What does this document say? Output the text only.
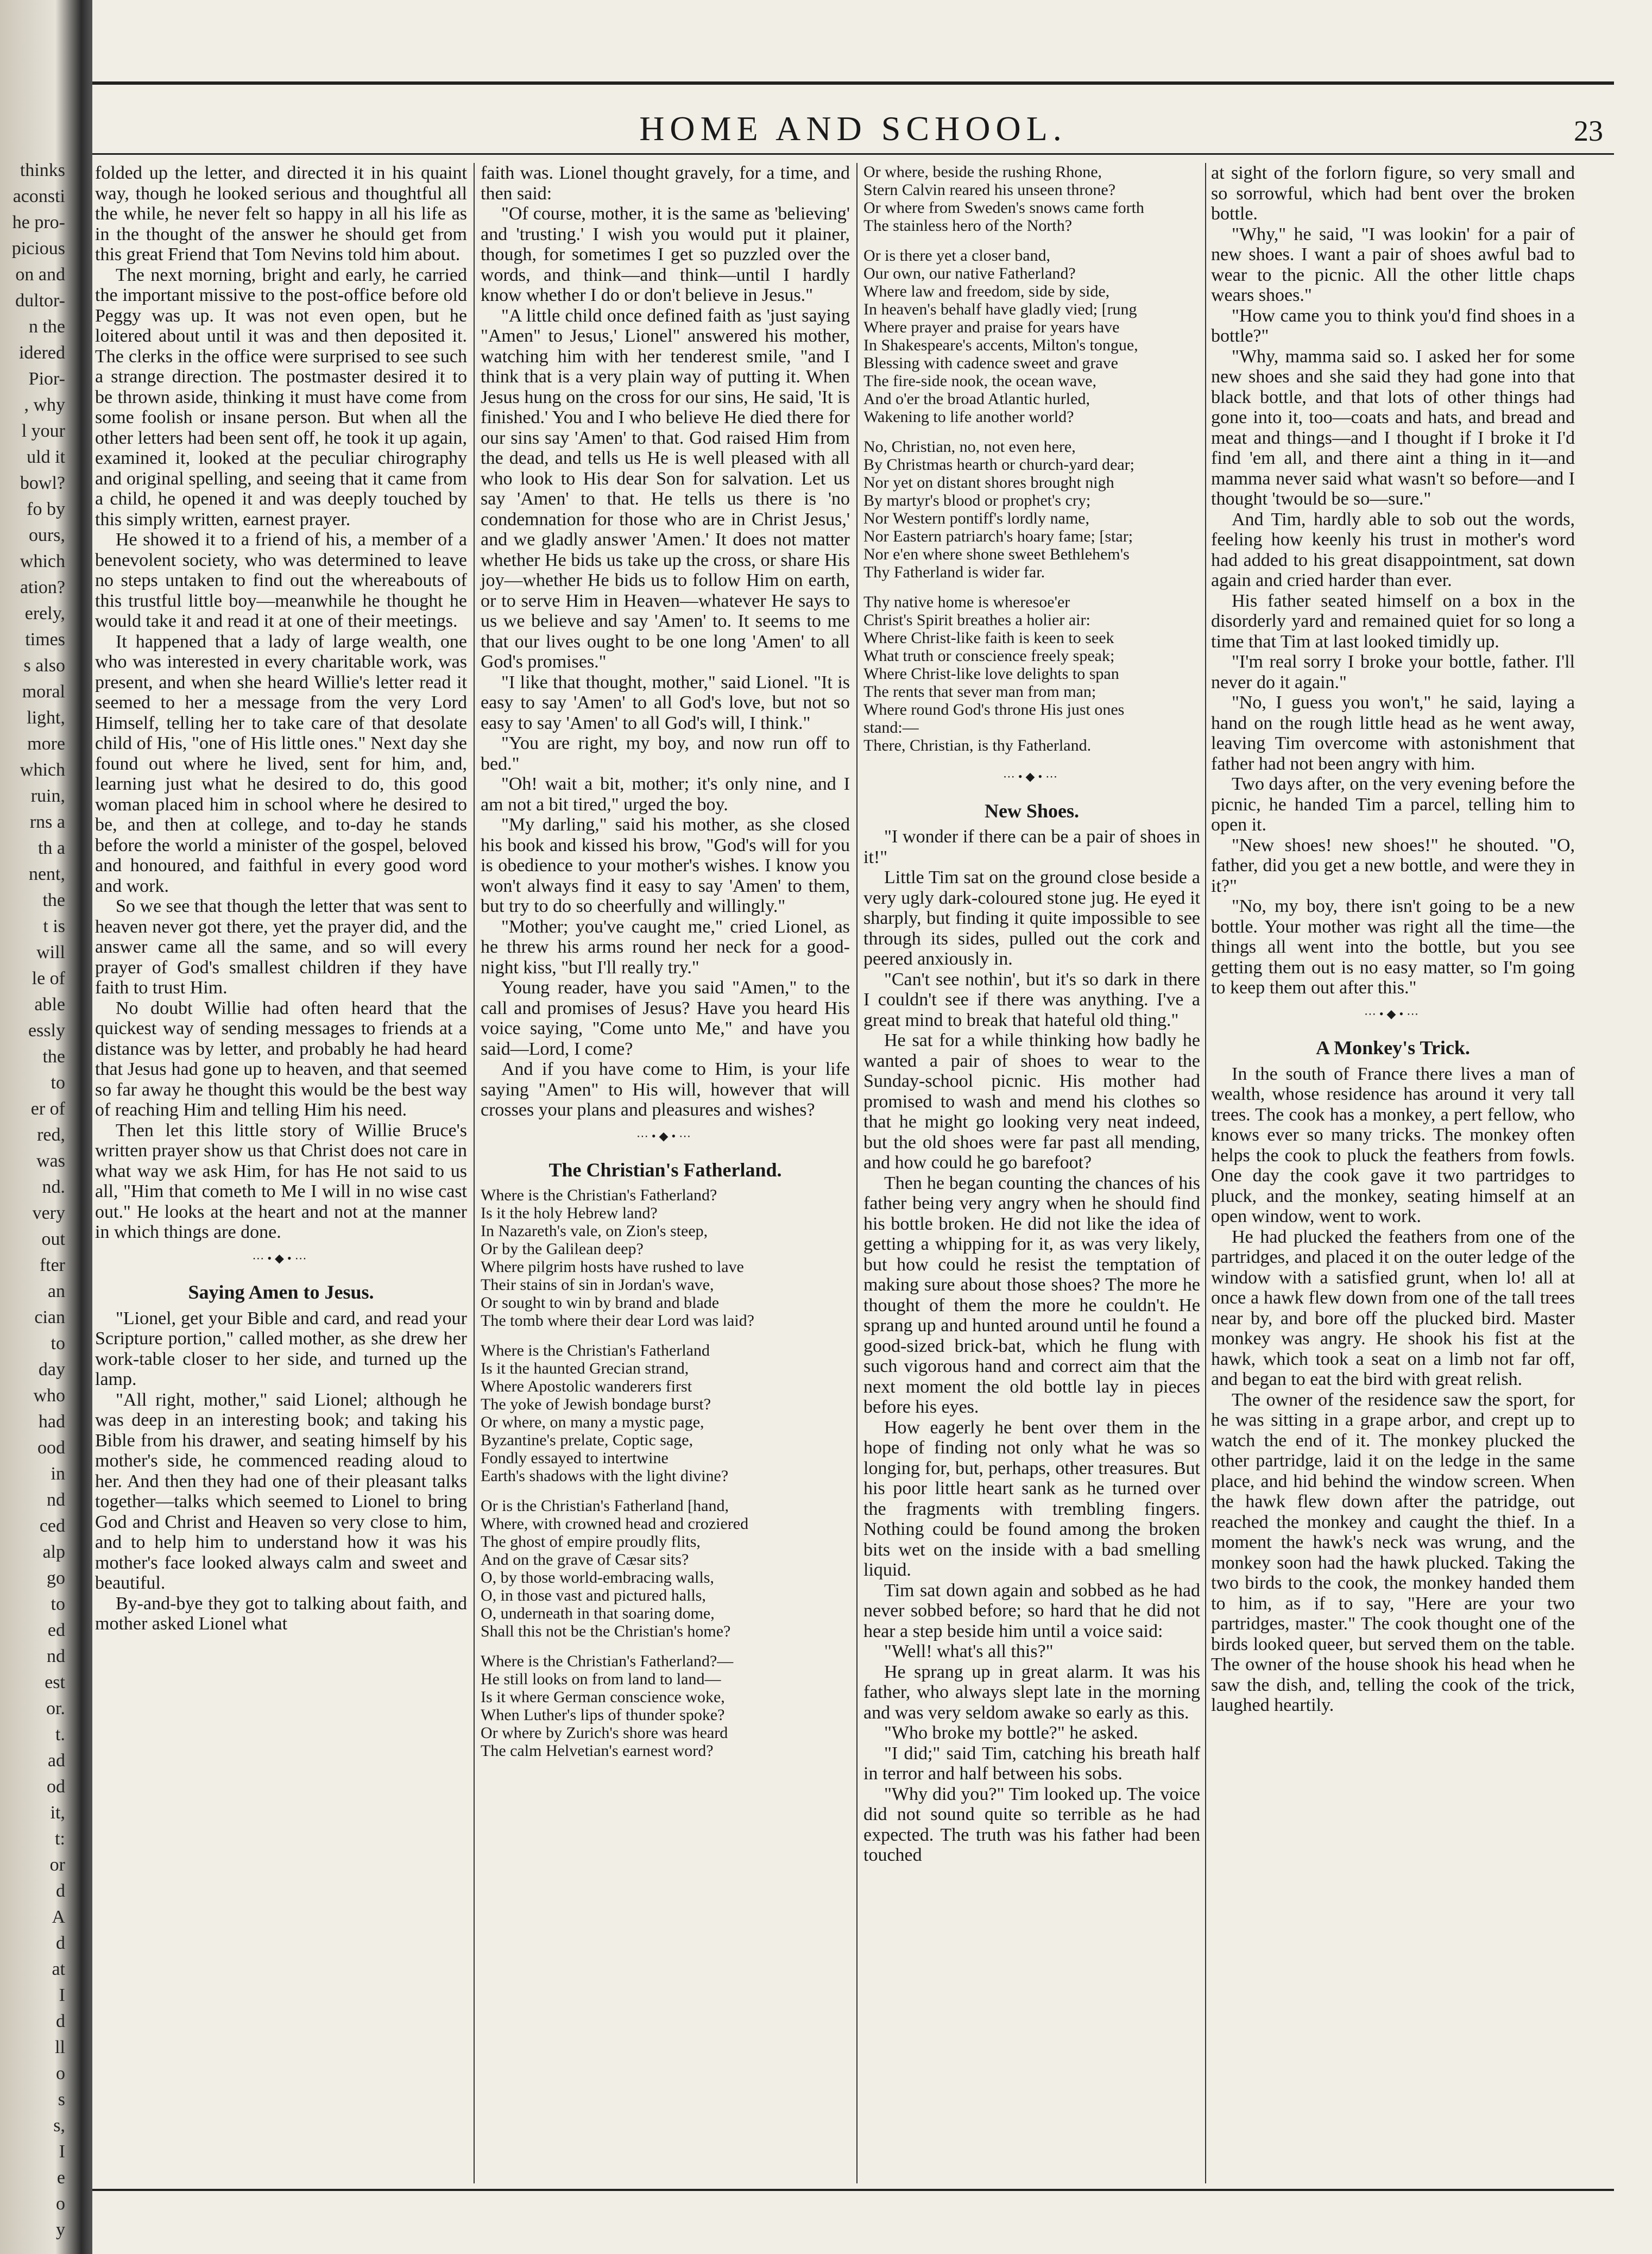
thinks
aconsti
he pro-
picious
on and
dultor-
n the
idered
Pior-
, why
l your
uld it
bowl?
fo by
ours,
which
ation?
erely,
times
s also
moral
light,
more
which
ruin,
rns a
th a
nent,
the
t is
will
le of
able
essly
the
to
er of
red,
was
nd.
very
out
fter
an
cian
to
day
who
had
ood
in
nd
ced
alp
go
to
ed
nd
est
or.
t.
ad
od
it,
t:
or
d
A
d
at
I
d
ll
o
s
s,
I
e
o
y
HOME AND SCHOOL.	23

folded up the letter, and directed it in his quaint way, though he looked serious and thoughtful all the while, he never felt so happy in all his life as in the thought of the answer he should get from this great Friend that Tom Nevins told him about.

The next morning, bright and early, he carried the important missive to the post-office before old Peggy was up. It was not even open, but he loitered about until it was and then deposited it. The clerks in the office were surprised to see such a strange direction. The postmaster desired it to be thrown aside, thinking it must have come from some foolish or insane person. But when all the other letters had been sent off, he took it up again, examined it, looked at the peculiar chirography and original spelling, and seeing that it came from a child, he opened it and was deeply touched by this simply written, earnest prayer.

He showed it to a friend of his, a member of a benevolent society, who was determined to leave no steps untaken to find out the whereabouts of this trustful little boy—meanwhile he thought he would take it and read it at one of their meetings.

It happened that a lady of large wealth, one who was interested in every charitable work, was present, and when she heard Willie's letter read it seemed to her a message from the very Lord Himself, telling her to take care of that desolate child of His, "one of His little ones." Next day she found out where he lived, sent for him, and, learning just what he desired to do, this good woman placed him in school where he desired to be, and then at college, and to-day he stands before the world a minister of the gospel, beloved and honoured, and faithful in every good word and work.

So we see that though the letter that was sent to heaven never got there, yet the prayer did, and the answer came all the same, and so will every prayer of God's smallest children if they have faith to trust Him.

No doubt Willie had often heard that the quickest way of sending messages to friends at a distance was by letter, and probably he had heard that Jesus had gone up to heaven, and that seemed so far away he thought this would be the best way of reaching Him and telling Him his need.

Then let this little story of Willie Bruce's written prayer show us that Christ does not care in what way we ask Him, for has He not said to us all, "Him that cometh to Me I will in no wise cast out." He looks at the heart and not at the manner in which things are done.

⋯•◆•⋯
Saying Amen to Jesus.

"Lionel, get your Bible and card, and read your Scripture portion," called mother, as she drew her work-table closer to her side, and turned up the lamp.

"All right, mother," said Lionel; although he was deep in an interesting book; and taking his Bible from his drawer, and seating himself by his mother's side, he commenced reading aloud to her. And then they had one of their pleasant talks together—talks which seemed to Lionel to bring God and Christ and Heaven so very close to him, and to help him to understand how it was his mother's face looked always calm and sweet and beautiful.

By-and-bye they got to talking about faith, and mother asked Lionel what

faith was. Lionel thought gravely, for a time, and then said:

"Of course, mother, it is the same as 'believing' and 'trusting.' I wish you would put it plainer, though, for sometimes I get so puzzled over the words, and think—and think—until I hardly know whether I do or don't believe in Jesus."

"A little child once defined faith as 'just saying "Amen" to Jesus,' Lionel" answered his mother, watching him with her tenderest smile, "and I think that is a very plain way of putting it. When Jesus hung on the cross for our sins, He said, 'It is finished.' You and I who believe He died there for our sins say 'Amen' to that. God raised Him from the dead, and tells us He is well pleased with all who look to His dear Son for salvation. Let us say 'Amen' to that. He tells us there is 'no condemnation for those who are in Christ Jesus,' and we gladly answer 'Amen.' It does not matter whether He bids us take up the cross, or share His joy—whether He bids us to follow Him on earth, or to serve Him in Heaven—whatever He says to us we believe and say 'Amen' to. It seems to me that our lives ought to be one long 'Amen' to all God's promises."

"I like that thought, mother," said Lionel. "It is easy to say 'Amen' to all God's love, but not so easy to say 'Amen' to all God's will, I think."

"You are right, my boy, and now run off to bed."

"Oh! wait a bit, mother; it's only nine, and I am not a bit tired," urged the boy.

"My darling," said his mother, as she closed his book and kissed his brow, "God's will for you is obedience to your mother's wishes. I know you won't always find it easy to say 'Amen' to them, but try to do so cheerfully and willingly."

"Mother; you've caught me," cried Lionel, as he threw his arms round her neck for a good-night kiss, "but I'll really try."

Young reader, have you said "Amen," to the call and promises of Jesus? Have you heard His voice saying, "Come unto Me," and have you said—Lord, I come?

And if you have come to Him, is your life saying "Amen" to His will, however that will crosses your plans and pleasures and wishes?

⋯•◆•⋯
The Christian's Fatherland.
Where is the Christian's Fatherland?
Is it the holy Hebrew land?
In Nazareth's vale, on Zion's steep,
Or by the Galilean deep?
Where pilgrim hosts have rushed to lave
Their stains of sin in Jordan's wave,
Or sought to win by brand and blade
The tomb where their dear Lord was laid?
Where is the Christian's Fatherland
Is it the haunted Grecian strand,
Where Apostolic wanderers first
The yoke of Jewish bondage burst?
Or where, on many a mystic page,
Byzantine's prelate, Coptic sage,
Fondly essayed to intertwine
Earth's shadows with the light divine?
Or is the Christian's Fatherland [hand,
Where, with crowned head and croziered
The ghost of empire proudly flits,
And on the grave of Cæsar sits?
O, by those world-embracing walls,
O, in those vast and pictured halls,
O, underneath in that soaring dome,
Shall this not be the Christian's home?
Where is the Christian's Fatherland?—
He still looks on from land to land—
Is it where German conscience woke,
When Luther's lips of thunder spoke?
Or where by Zurich's shore was heard
The calm Helvetian's earnest word?
Or where, beside the rushing Rhone,
Stern Calvin reared his unseen throne?
Or where from Sweden's snows came forth
The stainless hero of the North?
Or is there yet a closer band,
Our own, our native Fatherland?
Where law and freedom, side by side,
In heaven's behalf have gladly vied; [rung
Where prayer and praise for years have
In Shakespeare's accents, Milton's tongue,
Blessing with cadence sweet and grave
The fire-side nook, the ocean wave,
And o'er the broad Atlantic hurled,
Wakening to life another world?
No, Christian, no, not even here,
By Christmas hearth or church-yard dear;
Nor yet on distant shores brought nigh
By martyr's blood or prophet's cry;
Nor Western pontiff's lordly name,
Nor Eastern patriarch's hoary fame; [star;
Nor e'en where shone sweet Bethlehem's
Thy Fatherland is wider far.
Thy native home is wheresoe'er
Christ's Spirit breathes a holier air:
Where Christ-like faith is keen to seek
What truth or conscience freely speak;
Where Christ-like love delights to span
The rents that sever man from man;
Where round God's throne His just ones
stand:—
There, Christian, is thy Fatherland.
⋯•◆•⋯
New Shoes.

"I wonder if there can be a pair of shoes in it!"

Little Tim sat on the ground close beside a very ugly dark-coloured stone jug. He eyed it sharply, but finding it quite impossible to see through its sides, pulled out the cork and peered anxiously in.

"Can't see nothin', but it's so dark in there I couldn't see if there was anything. I've a great mind to break that hateful old thing."

He sat for a while thinking how badly he wanted a pair of shoes to wear to the Sunday-school picnic. His mother had promised to wash and mend his clothes so that he might go looking very neat indeed, but the old shoes were far past all mending, and how could he go barefoot?

Then he began counting the chances of his father being very angry when he should find his bottle broken. He did not like the idea of getting a whipping for it, as was very likely, but how could he resist the temptation of making sure about those shoes? The more he thought of them the more he couldn't. He sprang up and hunted around until he found a good-sized brick-bat, which he flung with such vigorous hand and correct aim that the next moment the old bottle lay in pieces before his eyes.

How eagerly he bent over them in the hope of finding not only what he was so longing for, but, perhaps, other treasures. But his poor little heart sank as he turned over the fragments with trembling fingers. Nothing could be found among the broken bits wet on the inside with a bad smelling liquid.

Tim sat down again and sobbed as he had never sobbed before; so hard that he did not hear a step beside him until a voice said:

"Well! what's all this?"

He sprang up in great alarm. It was his father, who always slept late in the morning and was very seldom awake so early as this.

"Who broke my bottle?" he asked.

"I did;" said Tim, catching his breath half in terror and half between his sobs.

"Why did you?" Tim looked up. The voice did not sound quite so terrible as he had expected. The truth was his father had been touched

at sight of the forlorn figure, so very small and so sorrowful, which had bent over the broken bottle.

"Why," he said, "I was lookin' for a pair of new shoes. I want a pair of shoes awful bad to wear to the picnic. All the other little chaps wears shoes."

"How came you to think you'd find shoes in a bottle?"

"Why, mamma said so. I asked her for some new shoes and she said they had gone into that black bottle, and that lots of other things had gone into it, too—coats and hats, and bread and meat and things—and I thought if I broke it I'd find 'em all, and there aint a thing in it—and mamma never said what wasn't so before—and I thought 'twould be so—sure."

And Tim, hardly able to sob out the words, feeling how keenly his trust in mother's word had added to his great disappointment, sat down again and cried harder than ever.

His father seated himself on a box in the disorderly yard and remained quiet for so long a time that Tim at last looked timidly up.

"I'm real sorry I broke your bottle, father. I'll never do it again."

"No, I guess you won't," he said, laying a hand on the rough little head as he went away, leaving Tim overcome with astonishment that father had not been angry with him.

Two days after, on the very evening before the picnic, he handed Tim a parcel, telling him to open it.

"New shoes! new shoes!" he shouted. "O, father, did you get a new bottle, and were they in it?"

"No, my boy, there isn't going to be a new bottle. Your mother was right all the time—the things all went into the bottle, but you see getting them out is no easy matter, so I'm going to keep them out after this."

⋯•◆•⋯
A Monkey's Trick.

In the south of France there lives a man of wealth, whose residence has around it very tall trees. The cook has a monkey, a pert fellow, who knows ever so many tricks. The monkey often helps the cook to pluck the feathers from fowls. One day the cook gave it two partridges to pluck, and the monkey, seating himself at an open window, went to work.

He had plucked the feathers from one of the partridges, and placed it on the outer ledge of the window with a satisfied grunt, when lo! all at once a hawk flew down from one of the tall trees near by, and bore off the plucked bird. Master monkey was angry. He shook his fist at the hawk, which took a seat on a limb not far off, and began to eat the bird with great relish.

The owner of the residence saw the sport, for he was sitting in a grape arbor, and crept up to watch the end of it. The monkey plucked the other partridge, laid it on the ledge in the same place, and hid behind the window screen. When the hawk flew down after the patridge, out reached the monkey and caught the thief. In a moment the hawk's neck was wrung, and the monkey soon had the hawk plucked. Taking the two birds to the cook, the monkey handed them to him, as if to say, "Here are your two partridges, master." The cook thought one of the birds looked queer, but served them on the table. The owner of the house shook his head when he saw the dish, and, telling the cook of the trick, laughed heartily.
